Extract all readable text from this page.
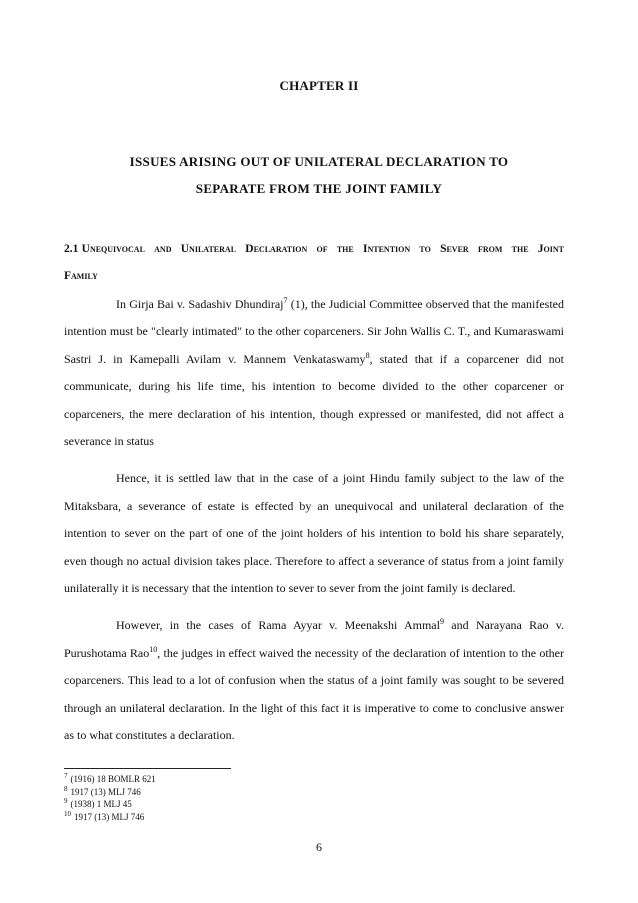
CHAPTER II
ISSUES ARISING OUT OF UNILATERAL DECLARATION TO
SEPARATE FROM THE JOINT FAMILY
2.1 Unequivocal and Unilateral Declaration of the Intention to Sever from the Joint Family

In Girja Bai v. Sadashiv Dhundiraj$^7$ (1), the Judicial Committee observed that the manifested intention must be "clearly intimated" to the other coparceners. Sir John Wallis C. T., and Kumaraswami Sastri J. in Kamepalli Avilam v. Mannem Venkataswamy$^8$, stated that if a coparcener did not communicate, during his life time, his intention to become divided to the other coparcener or coparceners, the mere declaration of his intention, though expressed or manifested, did not affect a severance in status

Hence, it is settled law that in the case of a joint Hindu family subject to the law of the Mitaksbara, a severance of estate is effected by an unequivocal and unilateral declaration of the intention to sever on the part of one of the joint holders of his intention to bold his share separately, even though no actual division takes place. Therefore to affect a severance of status from a joint family unilaterally it is necessary that the intention to sever to sever from the joint family is declared.

However, in the cases of Rama Ayyar v. Meenakshi Ammal$^9$ and Narayana Rao v. Purushotama Rao$^{10}$, the judges in effect waived the necessity of the declaration of intention to the other coparceners. This lead to a lot of confusion when the status of a joint family was sought to be severed through an unilateral declaration. In the light of this fact it is imperative to come to conclusive answer as to what constitutes a declaration.

$^7$ (1916) 18 BOMLR 621
$^8$ 1917 (13) MLJ 746
$^9$ (1938) 1 MLJ 45
$^{10}$ 1917 (13) MLJ 746
6
